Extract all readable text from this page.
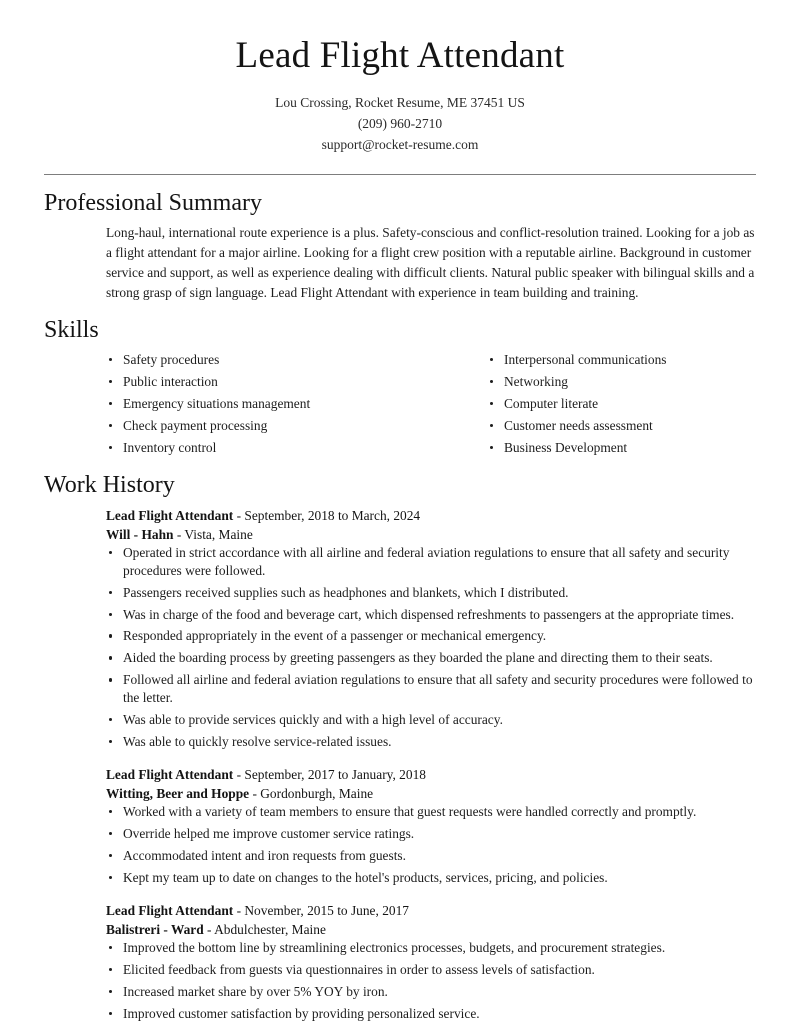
Lead Flight Attendant
Lou Crossing, Rocket Resume, ME 37451 US
(209) 960-2710
support@rocket-resume.com
Professional Summary

Long-haul, international route experience is a plus. Safety-conscious and conflict-resolution trained. Looking for a job as a flight attendant for a major airline. Looking for a flight crew position with a reputable airline. Background in customer service and support, as well as experience dealing with difficult clients. Natural public speaker with bilingual skills and a strong grasp of sign language. Lead Flight Attendant with experience in team building and training.

Skills
Safety procedures
Public interaction
Emergency situations management
Check payment processing
Inventory control
Interpersonal communications
Networking
Computer literate
Customer needs assessment
Business Development
Work History
Lead Flight Attendant - September, 2018 to March, 2024
Will - Hahn - Vista, Maine
Operated in strict accordance with all airline and federal aviation regulations to ensure that all safety and security procedures were followed.
Passengers received supplies such as headphones and blankets, which I distributed.
Was in charge of the food and beverage cart, which dispensed refreshments to passengers at the appropriate times.
Responded appropriately in the event of a passenger or mechanical emergency.
Aided the boarding process by greeting passengers as they boarded the plane and directing them to their seats.
Followed all airline and federal aviation regulations to ensure that all safety and security procedures were followed to the letter.
Was able to provide services quickly and with a high level of accuracy.
Was able to quickly resolve service-related issues.
Lead Flight Attendant - September, 2017 to January, 2018
Witting, Beer and Hoppe - Gordonburgh, Maine
Worked with a variety of team members to ensure that guest requests were handled correctly and promptly.
Override helped me improve customer service ratings.
Accommodated intent and iron requests from guests.
Kept my team up to date on changes to the hotel's products, services, pricing, and policies.
Lead Flight Attendant - November, 2015 to June, 2017
Balistreri - Ward - Abdulchester, Maine
Improved the bottom line by streamlining electronics processes, budgets, and procurement strategies.
Elicited feedback from guests via questionnaires in order to assess levels of satisfaction.
Increased market share by over 5% YOY by iron.
Improved customer satisfaction by providing personalized service.
